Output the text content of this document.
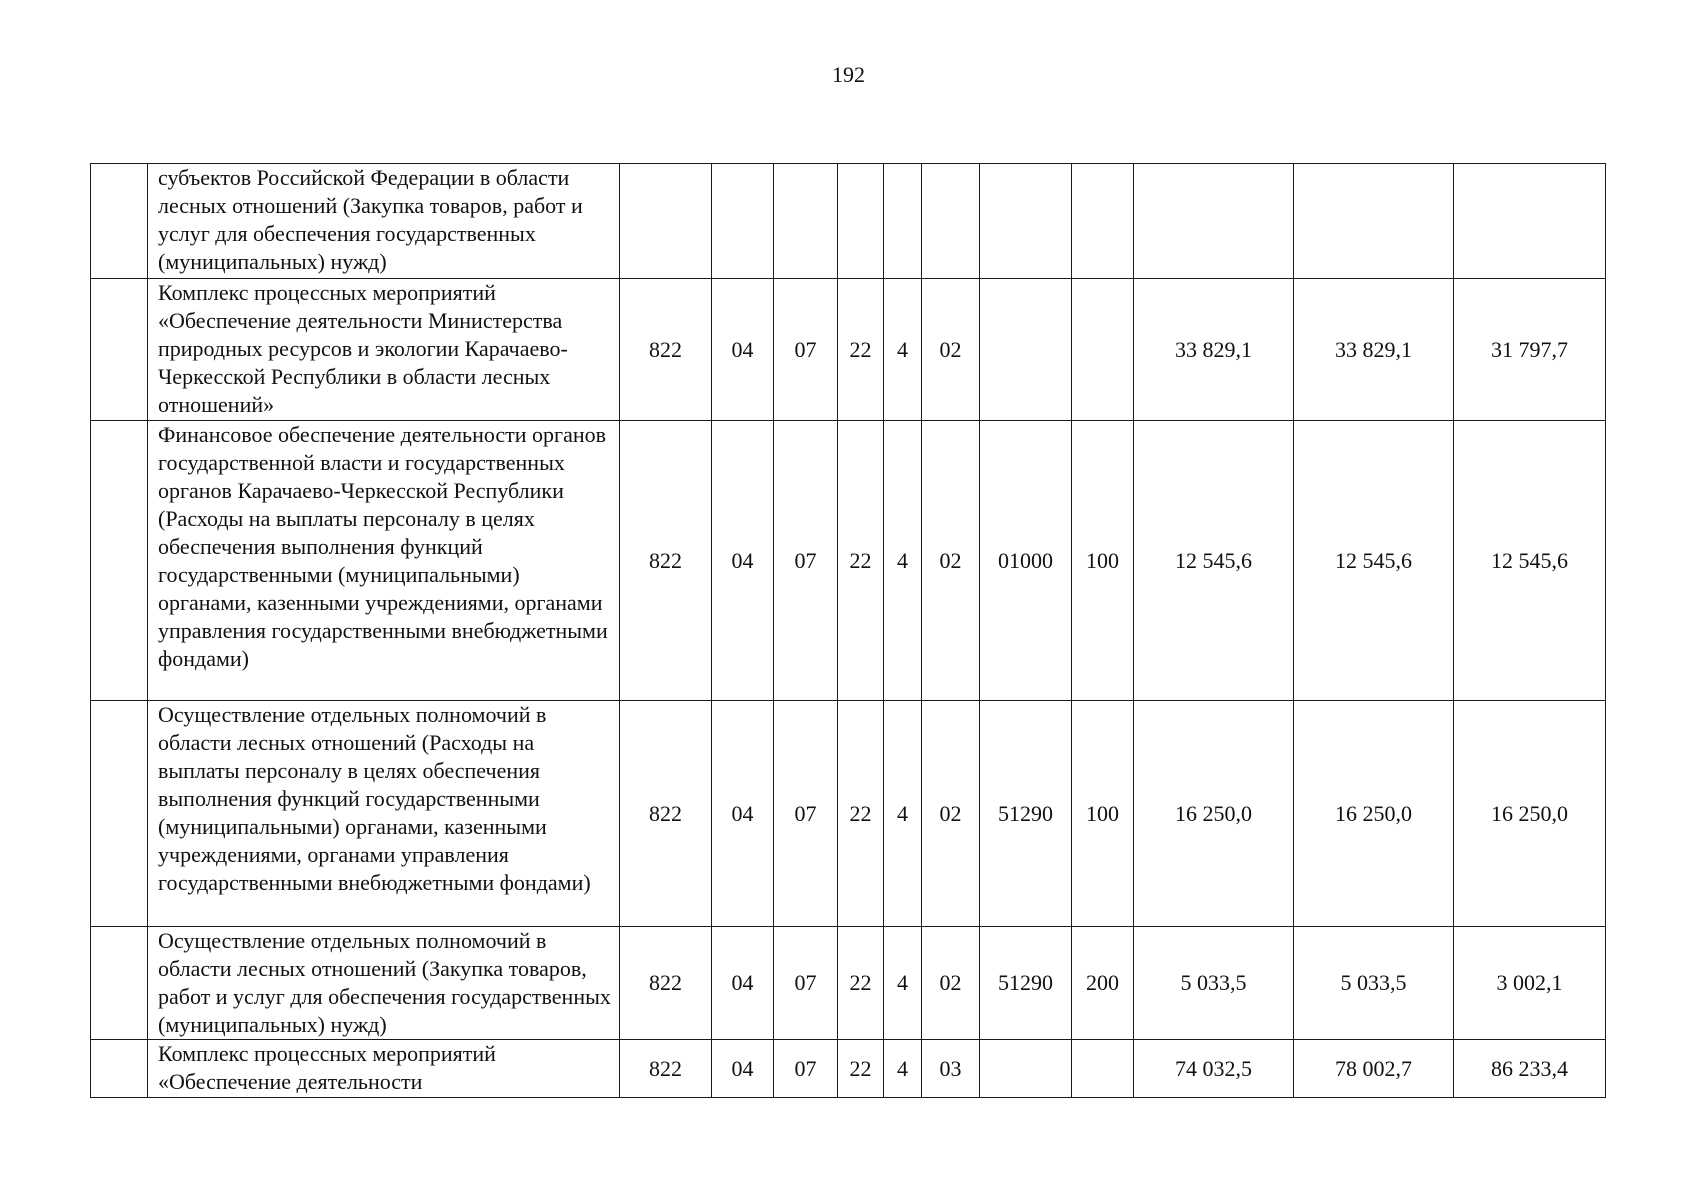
192
	субъектов Российской Федерации в области лесных отношений (Закупка товаров, работ и услуг для обеспечения государственных (муниципальных) нужд)											
	Комплекс процессных мероприятий «Обеспечение деятельности Министерства природных ресурсов и экологии Карачаево-Черкесской Республики в области лесных отношений»	822	04	07	22	4	02			33 829,1	33 829,1	31 797,7
	Финансовое обеспечение деятельности органов государственной власти и государственных органов Карачаево-Черкесской Республики (Расходы на выплаты персоналу в целях обеспечения выполнения функций государственными (муниципальными) органами, казенными учреждениями, органами управления государственными внебюджетными фондами)	822	04	07	22	4	02	01000	100	12 545,6	12 545,6	12 545,6
	Осуществление отдельных полномочий в области лесных отношений (Расходы на выплаты персоналу в целях обеспечения выполнения функций государственными (муниципальными) органами, казенными учреждениями, органами управления государственными внебюджетными фондами)	822	04	07	22	4	02	51290	100	16 250,0	16 250,0	16 250,0
	Осуществление отдельных полномочий в области лесных отношений (Закупка товаров, работ и услуг для обеспечения государственных (муниципальных) нужд)	822	04	07	22	4	02	51290	200	5 033,5	5 033,5	3 002,1
	Комплекс процессных мероприятий «Обеспечение деятельности	822	04	07	22	4	03			74 032,5	78 002,7	86 233,4
